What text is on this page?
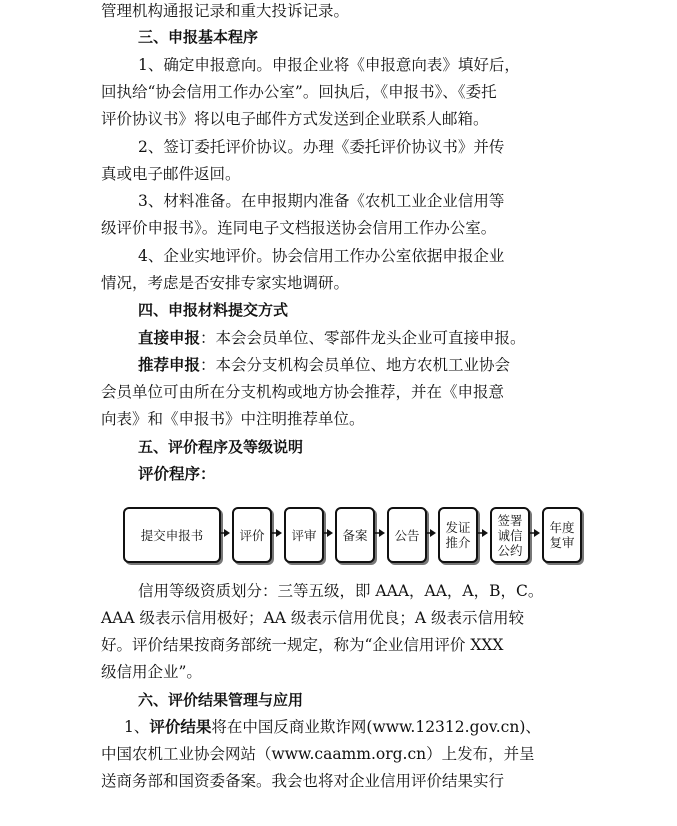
管理机构通报记录和重大投诉记录。
三、申报基本程序
1、确定申报意向。申报企业将《申报意向表》填好后，
回执给“协会信用工作办公室”。回执后，《申报书》、《委托
评价协议书》将以电子邮件方式发送到企业联系人邮箱。
2、签订委托评价协议。办理《委托评价协议书》并传
真或电子邮件返回。
3、材料准备。在申报期内准备《农机工业企业信用等
级评价申报书》。连同电子文档报送协会信用工作办公室。
4、企业实地评价。协会信用工作办公室依据申报企业
情况，考虑是否安排专家实地调研。
四、申报材料提交方式
直接申报：本会会员单位、零部件龙头企业可直接申报。
推荐申报：本会分支机构会员单位、地方农机工业协会
会员单位可由所在分支机构或地方协会推荐，并在《申报意
向表》和《申报书》中注明推荐单位。
五、评价程序及等级说明
评价程序：
提交申报书	评价 评审 备案 公告 发证
推介
签署
诚信
公约
年度
复审
信用等级资质划分：三等五级，即 AAA，AA，A，B，C。
AAA 级表示信用极好；AA 级表示信用优良；A 级表示信用较
好。评价结果按商务部统一规定，称为“企业信用评价 XXX
级信用企业”。
六、评价结果管理与应用
1、评价结果将在中国反商业欺诈网(www.12312.gov.cn)、
中国农机工业协会网站（www.caamm.org.cn）上发布，并呈
送商务部和国资委备案。我会也将对企业信用评价结果实行
